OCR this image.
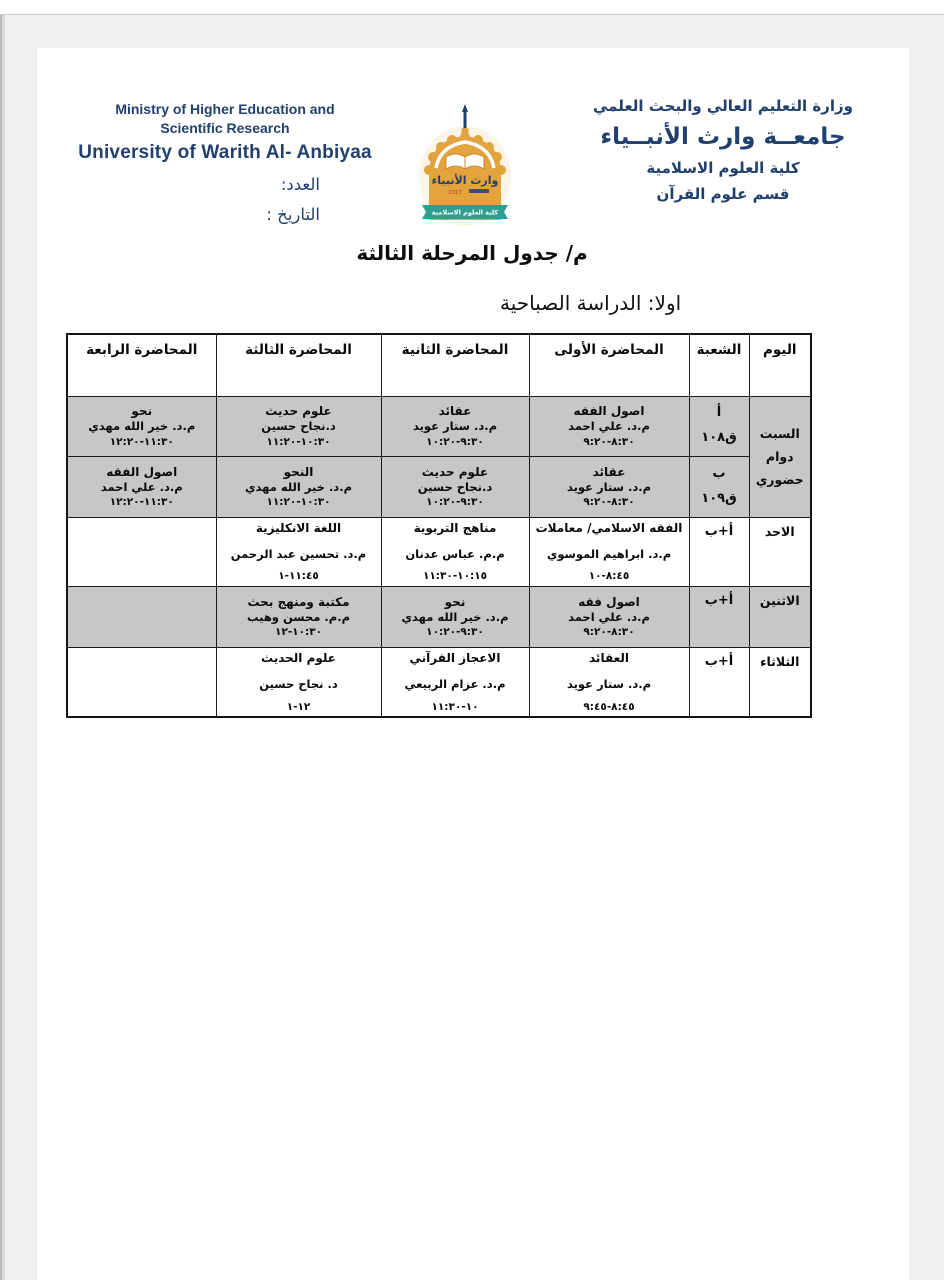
Ministry of Higher Education and
Scientific Research
University of Warith Al- Anbiyaa
العدد:
التاريخ :
وارث الأنبياء
2017
كلية العلوم الاسلامية
وزارة التعليم العالي والبحث العلمي
جامعــة وارث الأنبــياء
كلية العلوم الاسلامية
قسم علوم القرآن
م/ جدول المرحلة الثالثة
اولا: الدراسة الصباحية
اليوم	الشعبة	المحاضرة الأولى	المحاضرة الثانية	المحاضرة الثالثة	المحاضرة الرابعة
السبت
دوام
حضوري	أ
ق١٠٨	اصول الفقه
م.د. علي احمد
٨:٣٠-٩:٢٠	عقائد
م.د. ستار عويد
٩:٣٠-١٠:٢٠	علوم حديث
د.نجاح حسين
١٠:٣٠-١١:٢٠	نحو
م.د. خير الله مهدي
١١:٣٠-١٢:٢٠

	ب
ق١٠٩	عقائد
م.د. ستار عويد
٨:٣٠-٩:٢٠	علوم حديث
د.نجاح حسين
٩:٣٠-١٠:٢٠	النحو
م.د. خير الله مهدي
١٠:٣٠-١١:٢٠	اصول الفقه
م.د. علي احمد
١١:٣٠-١٢:٢٠

الاحد	أ+ب	الفقه الاسلامي/ معاملات
م.د. ابراهيم الموسوي
٨:٤٥-١٠	مناهج التربوية
م.م. عباس عدنان
١٠:١٥-١١:٣٠	اللغة الانكليزية
م.د. تحسين عبد الرحمن
١١:٤٥-١	

الاثنين	أ+ب	اصول فقه
م.د. علي احمد
٨:٣٠-٩:٢٠	نحو
م.د. خير الله مهدي
٩:٣٠-١٠:٢٠	مكتبة ومنهج بحث
م.م. محسن وهيب
١٠:٣٠-١٢	

الثلاثاء	أ+ب	العقائد
م.د. ستار عويد
٨:٤٥-٩:٤٥	الاعجاز القرآني
م.د. عزام الربيعي
١٠-١١:٣٠	علوم الحديث
د. نجاح حسين
١٢-١	
